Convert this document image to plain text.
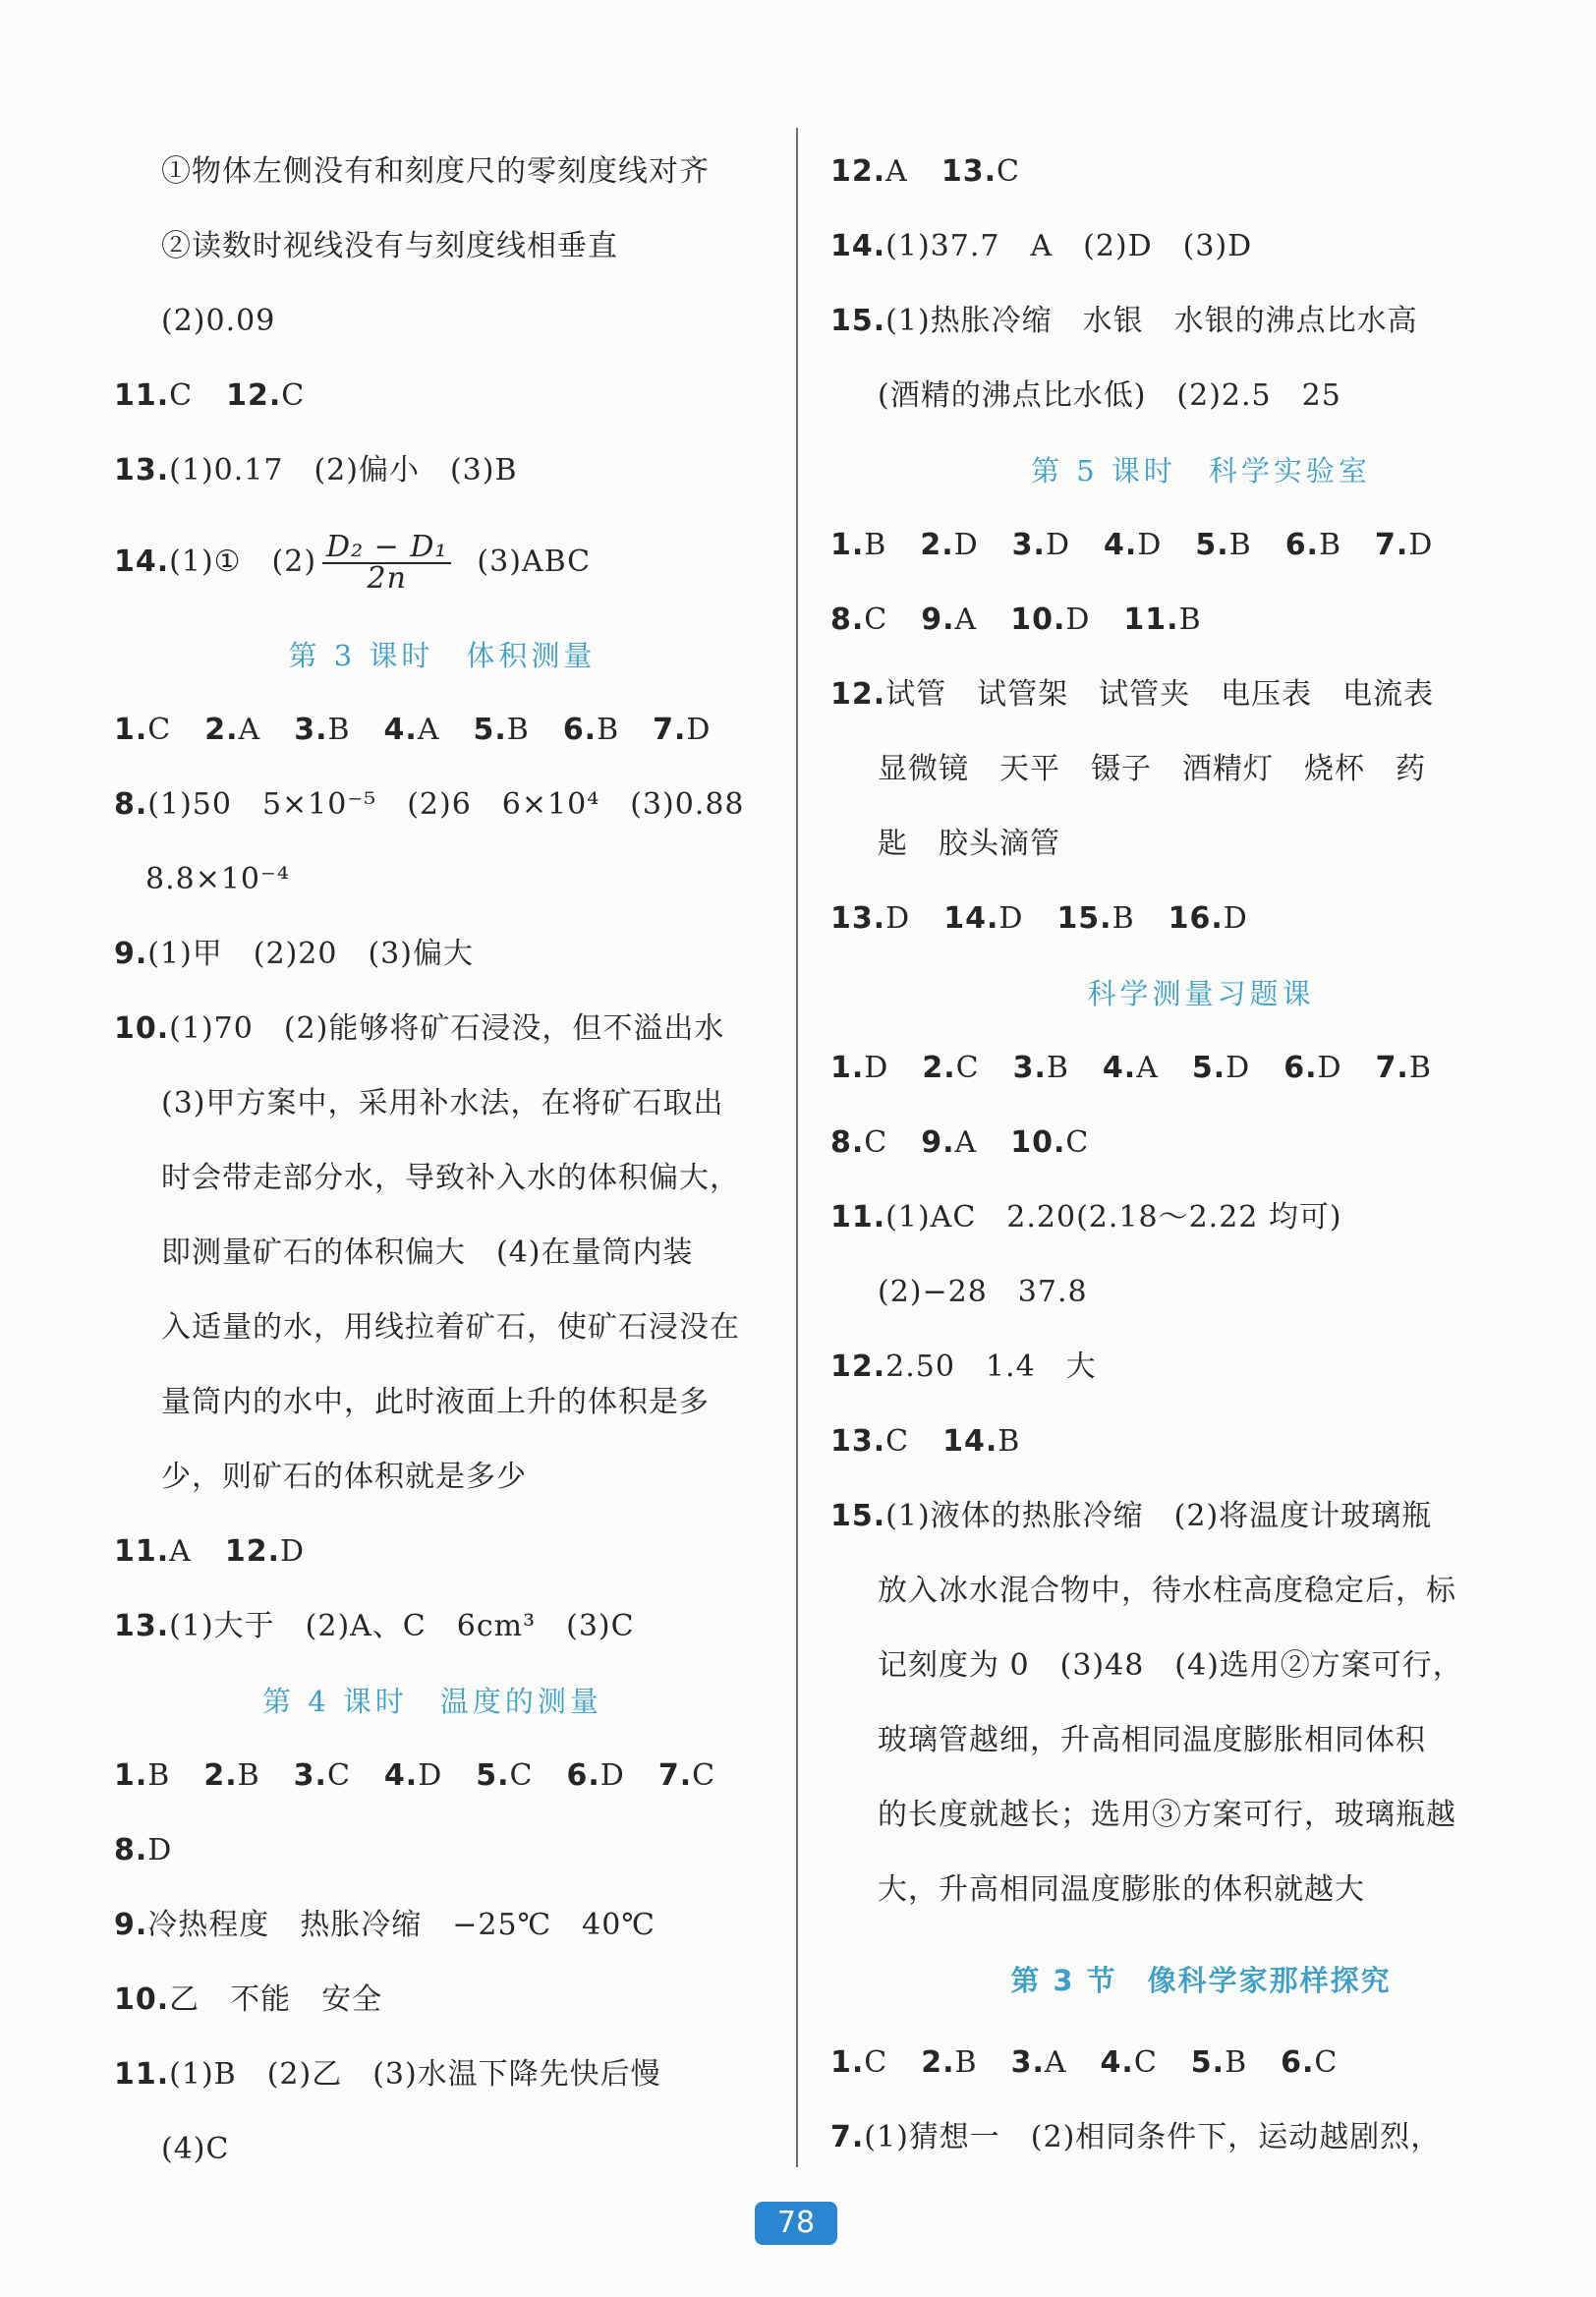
①物体左侧没有和刻度尺的零刻度线对齐
②读数时视线没有与刻度线相垂直
(2)0.09
11.C 12.C
13.(1)0.17　(2)偏小　(3)B
14.(1)①　$(2) \frac{\text{D₂ − D₁}}{2n} (3)ABC$
第 3 课时　体积测量
1.C 2.A 3.B 4.A 5.B 6.B 7.D
8.(1)50　5×10⁻⁵　(2)6　6×10⁴　(3)0.88
8.8×10⁻⁴
9.(1)甲　(2)20　(3)偏大
10.(1)70　(2)能够将矿石浸没，但不溢出水
(3)甲方案中，采用补水法，在将矿石取出
时会带走部分水，导致补入水的体积偏大，
即测量矿石的体积偏大　(4)在量筒内装
入适量的水，用线拉着矿石，使矿石浸没在
量筒内的水中，此时液面上升的体积是多
少，则矿石的体积就是多少
11.A 12.D
13.(1)大于　(2)A、C　6cm³　(3)C
第 4 课时　温度的测量
1.B 2.B 3.C 4.D 5.C 6.D 7.C
8.D
9.冷热程度　热胀冷缩　−25℃　40℃
10.乙　不能　安全
11.(1)B　(2)乙　(3)水温下降先快后慢
(4)C
12.A 13.C
14.(1)37.7　A　(2)D　(3)D
15.(1)热胀冷缩　水银　水银的沸点比水高
(酒精的沸点比水低)　(2)2.5　25
第 5 课时　科学实验室
1.B 2.D 3.D 4.D 5.B 6.B 7.D
8.C 9.A 10.D 11.B
12.试管　试管架　试管夹　电压表　电流表
显微镜　天平　镊子　酒精灯　烧杯　药
匙　胶头滴管
13.D 14.D 15.B 16.D
科学测量习题课
1.D 2.C 3.B 4.A 5.D 6.D 7.B
8.C 9.A 10.C
11.(1)AC　2.20(2.18～2.22 均可)
(2)−28　37.8
12.2.50　1.4　大
13.C 14.B
15.(1)液体的热胀冷缩　(2)将温度计玻璃瓶
放入冰水混合物中，待水柱高度稳定后，标
记刻度为 0　(3)48　(4)选用②方案可行，
玻璃管越细，升高相同温度膨胀相同体积
的长度就越长；选用③方案可行，玻璃瓶越
大，升高相同温度膨胀的体积就越大
第 3 节　像科学家那样探究
1.C 2.B 3.A 4.C 5.B 6.C
7.(1)猜想一　(2)相同条件下，运动越剧烈，
78
